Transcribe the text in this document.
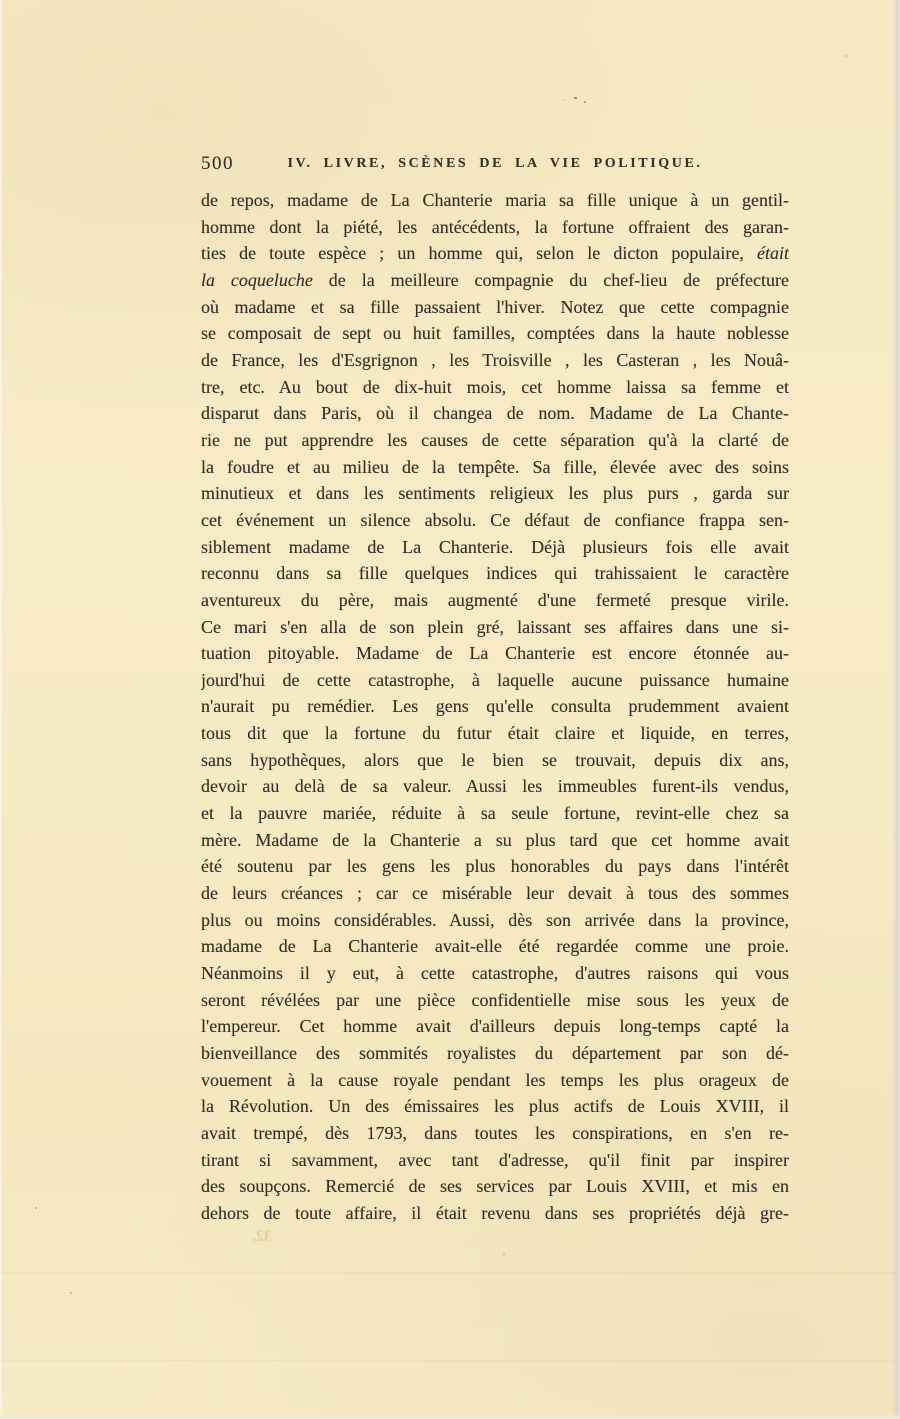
500	IV. LIVRE, SCÈNES DE LA VIE POLITIQUE.
de repos, madame de La Chanterie maria sa fille unique à un gentil-
homme dont la piété, les antécédents, la fortune offraient des garan-
ties de toute espèce ; un homme qui, selon le dicton populaire, était
la coqueluche de la meilleure compagnie du chef-lieu de préfecture
où madame et sa fille passaient l'hiver. Notez que cette compagnie
se composait de sept ou huit familles, comptées dans la haute noblesse
de France, les d'Esgrignon , les Troisville , les Casteran , les Nouâ-
tre, etc. Au bout de dix-huit mois, cet homme laissa sa femme et
disparut dans Paris, où il changea de nom. Madame de La Chante-
rie ne put apprendre les causes de cette séparation qu'à la clarté de
la foudre et au milieu de la tempête. Sa fille, élevée avec des soins
minutieux et dans les sentiments religieux les plus purs , garda sur
cet événement un silence absolu. Ce défaut de confiance frappa sen-
siblement madame de La Chanterie. Déjà plusieurs fois elle avait
reconnu dans sa fille quelques indices qui trahissaient le caractère
aventureux du père, mais augmenté d'une fermeté presque virile.
Ce mari s'en alla de son plein gré, laissant ses affaires dans une si-
tuation pitoyable. Madame de La Chanterie est encore étonnée au-
jourd'hui de cette catastrophe, à laquelle aucune puissance humaine
n'aurait pu remédier. Les gens qu'elle consulta prudemment avaient
tous dit que la fortune du futur était claire et liquide, en terres,
sans hypothèques, alors que le bien se trouvait, depuis dix ans,
devoir au delà de sa valeur. Aussi les immeubles furent-ils vendus,
et la pauvre mariée, réduite à sa seule fortune, revint-elle chez sa
mère. Madame de la Chanterie a su plus tard que cet homme avait
été soutenu par les gens les plus honorables du pays dans l'intérêt
de leurs créances ; car ce misérable leur devait à tous des sommes
plus ou moins considérables. Aussi, dès son arrivée dans la province,
madame de La Chanterie avait-elle été regardée comme une proie.
Néanmoins il y eut, à cette catastrophe, d'autres raisons qui vous
seront révélées par une pièce confidentielle mise sous les yeux de
l'empereur. Cet homme avait d'ailleurs depuis long-temps capté la
bienveillance des sommités royalistes du département par son dé-
vouement à la cause royale pendant les temps les plus orageux de
la Révolution. Un des émissaires les plus actifs de Louis XVIII, il
avait trempé, dès 1793, dans toutes les conspirations, en s'en re-
tirant si savamment, avec tant d'adresse, qu'il finit par inspirer
des soupçons. Remercié de ses services par Louis XVIII, et mis en
dehors de toute affaire, il était revenu dans ses propriétés déjà gre-
32.
